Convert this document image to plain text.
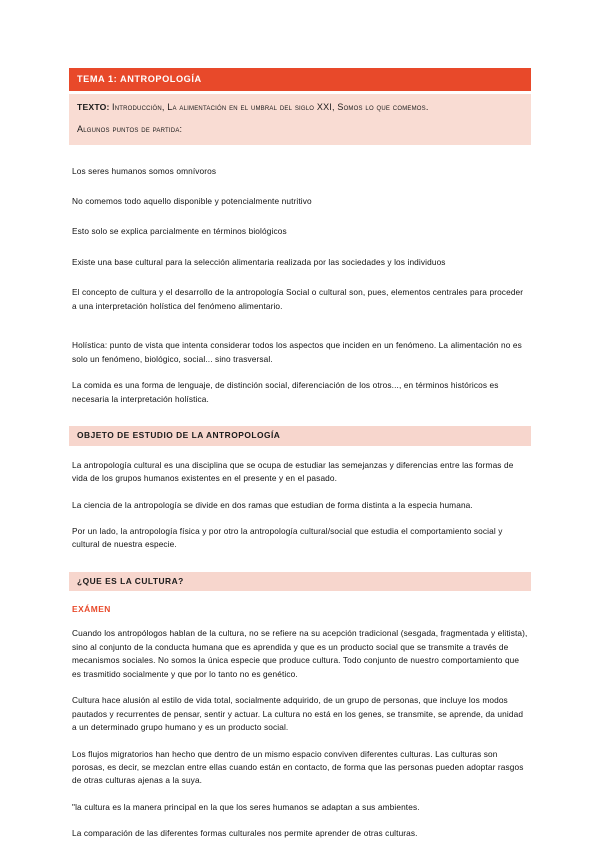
TEMA 1: ANTROPOLOGÍA
TEXTO: Introducción, La alimentación en el umbral del siglo XXI, Somos lo que comemos.
Algunos puntos de partida:
Los seres humanos somos omnívoros
No comemos todo aquello disponible y potencialmente nutritivo
Esto solo se explica parcialmente en términos biológicos
Existe una base cultural para la selección alimentaria realizada por las sociedades y los individuos
El concepto de cultura y el desarrollo de la antropología Social o cultural son, pues, elementos centrales para proceder a una interpretación holística del fenómeno alimentario.
Holística: punto de vista que intenta considerar todos los aspectos que inciden en un fenómeno. La alimentación no es solo un fenómeno, biológico, social... sino trasversal.
La comida es una forma de lenguaje, de distinción social, diferenciación de los otros..., en términos históricos es necesaria la interpretación holística.
OBJETO DE ESTUDIO DE LA ANTROPOLOGÍA
La antropología cultural es una disciplina que se ocupa de estudiar las semejanzas y diferencias entre las formas de vida de los grupos humanos existentes en el presente y en el pasado.
La ciencia de la antropología se divide en dos ramas que estudian de forma distinta a la especia humana.
Por un lado, la antropología física y por otro la antropología cultural/social que estudia el comportamiento social y cultural de nuestra especie.
¿QUE ES LA CULTURA?
EXÁMEN
Cuando los antropólogos hablan de la cultura, no se refiere na su acepción tradicional (sesgada, fragmentada y elitista), sino al conjunto de la conducta humana que es aprendida y que es un producto social que se transmite a través de mecanismos sociales. No somos la única especie que produce cultura. Todo conjunto de nuestro comportamiento que es trasmitido socialmente y que por lo tanto no es genético.
Cultura hace alusión al estilo de vida total, socialmente adquirido, de un grupo de personas, que incluye los modos pautados y recurrentes de pensar, sentir y actuar. La cultura no está en los genes, se transmite, se aprende, da unidad a un determinado grupo humano y es un producto social.
Los flujos migratorios han hecho que dentro de un mismo espacio conviven diferentes culturas. Las culturas son porosas, es decir, se mezclan entre ellas cuando están en contacto, de forma que las personas pueden adoptar rasgos de otras culturas ajenas a la suya.
"la cultura es la manera principal en la que los seres humanos se adaptan a sus ambientes.
La comparación de las diferentes formas culturales nos permite aprender de otras culturas.
